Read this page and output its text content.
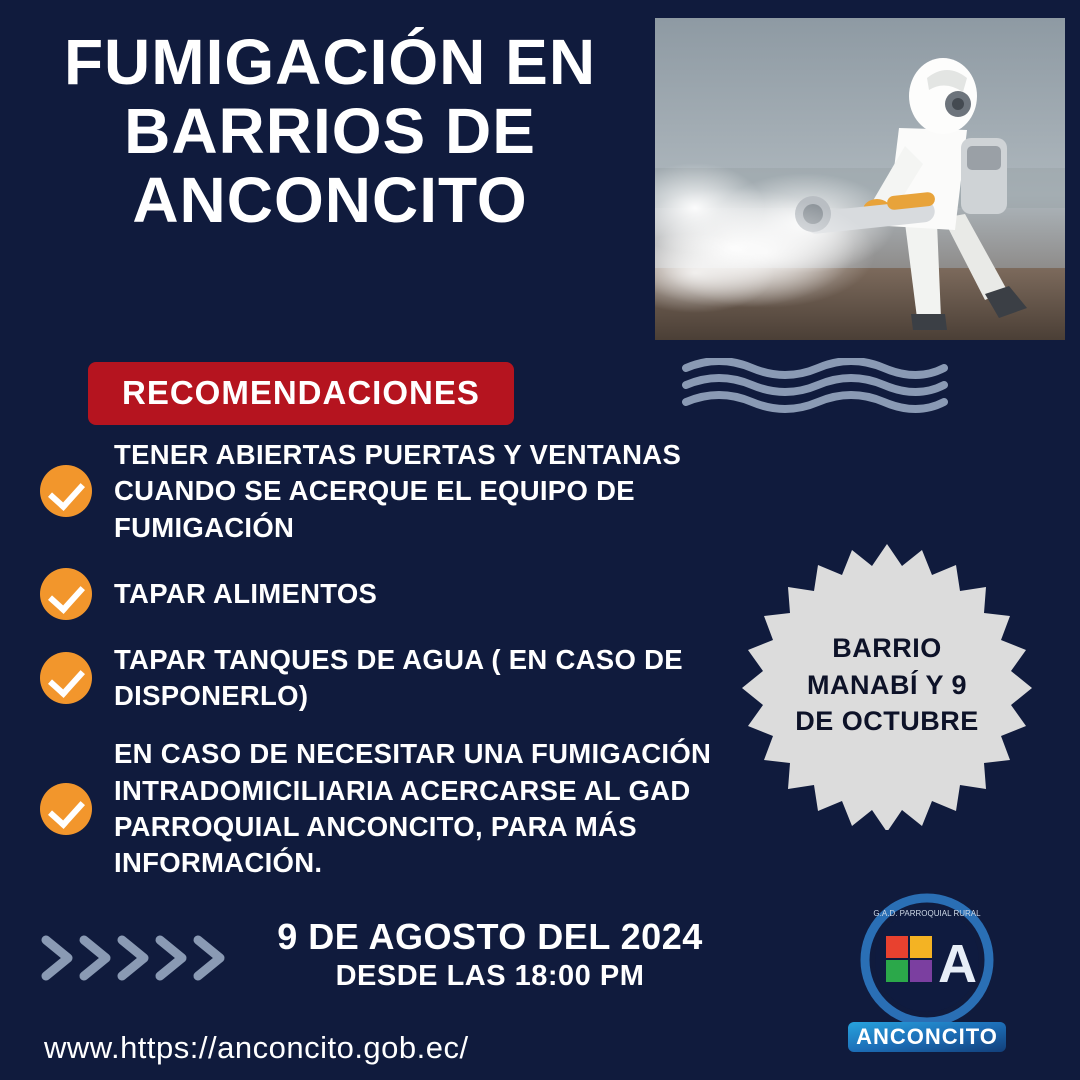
FUMIGACIÓN EN
BARRIOS DE
ANCONCITO
RECOMENDACIONES
TENER ABIERTAS PUERTAS Y VENTANAS CUANDO SE ACERQUE EL EQUIPO DE FUMIGACIÓN
TAPAR ALIMENTOS
TAPAR TANQUES DE AGUA ( EN CASO DE DISPONERLO)
EN CASO DE NECESITAR UNA FUMIGACIÓN INTRADOMICILIARIA ACERCARSE AL GAD PARROQUIAL ANCONCITO, PARA MÁS INFORMACIÓN.
BARRIO MANABÍ Y 9 DE OCTUBRE
9 DE AGOSTO DEL 2024
DESDE LAS 18:00 PM
www.https://anconcito.gob.ec/
A
G.A.D. PARROQUIAL RURAL
ANCONCITO
